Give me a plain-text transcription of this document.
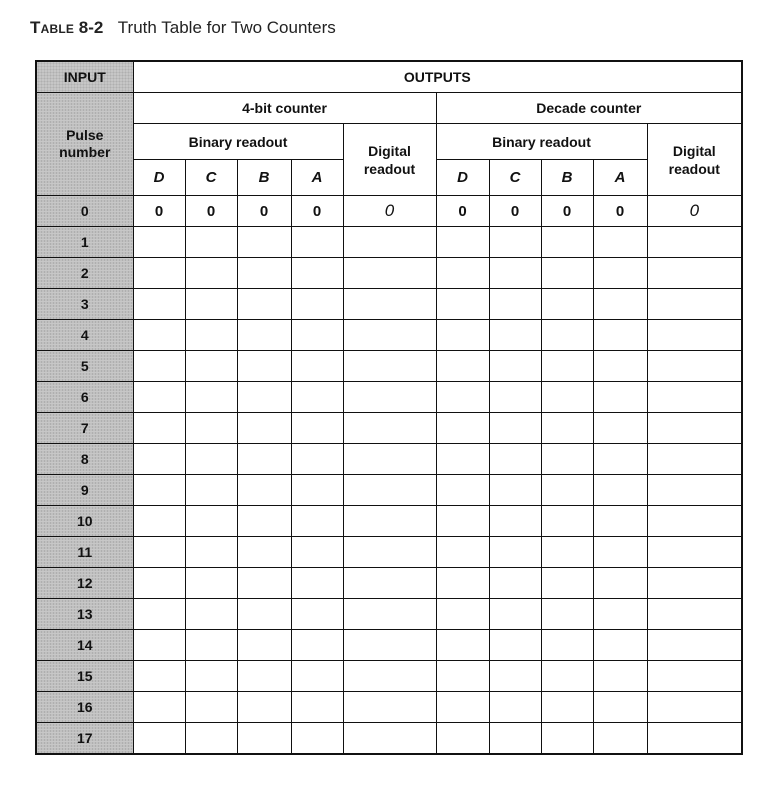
Table 8-2 Truth Table for Two Counters
INPUT	OUTPUTS									
Pulse number	4-bit counter					Decade counter				
	Binary readout				Digital readout	Binary readout				Digital readout
	D	C	B	A		D	C	B	A	
0	0	0	0	0	0	0	0	0	0	0
1										
2										
3										
4										
5										
6										
7										
8										
9										
10										
11										
12										
13										
14										
15										
16										
17										
